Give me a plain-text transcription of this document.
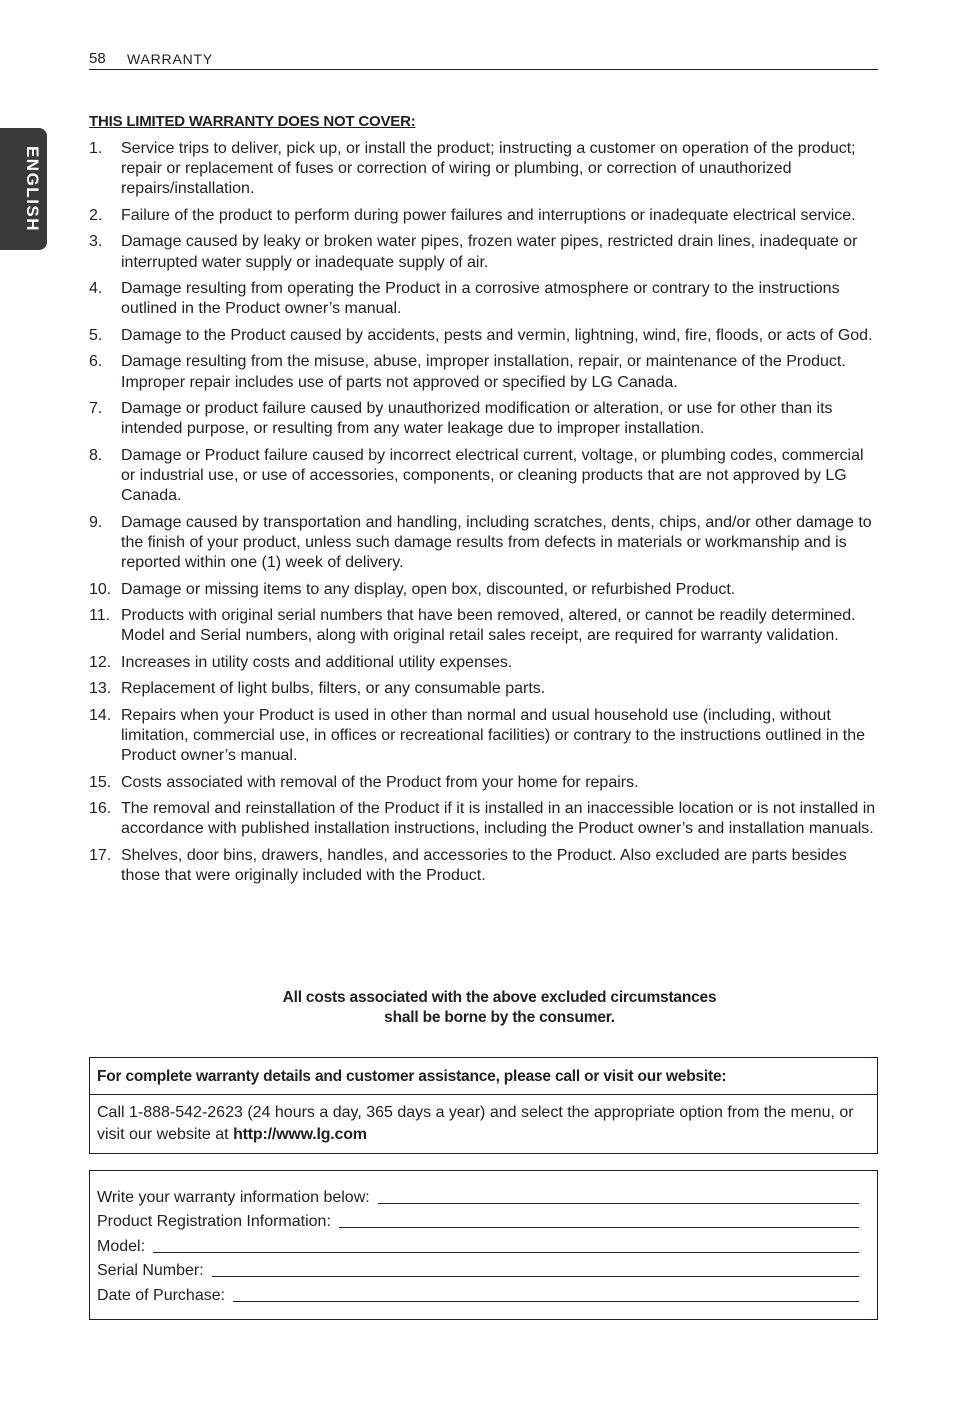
58 WARRANTY
ENGLISH
THIS LIMITED WARRANTY DOES NOT COVER:
1. Service trips to deliver, pick up, or install the product; instructing a customer on operation of the product; repair or replacement of fuses or correction of wiring or plumbing, or correction of unauthorized repairs/installation.
2. Failure of the product to perform during power failures and interruptions or inadequate electrical service.
3. Damage caused by leaky or broken water pipes, frozen water pipes, restricted drain lines, inadequate or interrupted water supply or inadequate supply of air.
4. Damage resulting from operating the Product in a corrosive atmosphere or contrary to the instructions outlined in the Product owner’s manual.
5. Damage to the Product caused by accidents, pests and vermin, lightning, wind, fire, floods, or acts of God.
6. Damage resulting from the misuse, abuse, improper installation, repair, or maintenance of the Product. Improper repair includes use of parts not approved or specified by LG Canada.
7. Damage or product failure caused by unauthorized modification or alteration, or use for other than its intended purpose, or resulting from any water leakage due to improper installation.
8. Damage or Product failure caused by incorrect electrical current, voltage, or plumbing codes, commercial or industrial use, or use of accessories, components, or cleaning products that are not approved by LG Canada.
9. Damage caused by transportation and handling, including scratches, dents, chips, and/or other damage to the finish of your product, unless such damage results from defects in materials or workmanship and is reported within one (1) week of delivery.
10. Damage or missing items to any display, open box, discounted, or refurbished Product.
11. Products with original serial numbers that have been removed, altered, or cannot be readily determined. Model and Serial numbers, along with original retail sales receipt, are required for warranty validation.
12. Increases in utility costs and additional utility expenses.
13. Replacement of light bulbs, filters, or any consumable parts.
14. Repairs when your Product is used in other than normal and usual household use (including, without limitation, commercial use, in offices or recreational facilities) or contrary to the instructions outlined in the Product owner’s manual.
15. Costs associated with removal of the Product from your home for repairs.
16. The removal and reinstallation of the Product if it is installed in an inaccessible location or is not installed in accordance with published installation instructions, including the Product owner’s and installation manuals.
17. Shelves, door bins, drawers, handles, and accessories to the Product. Also excluded are parts besides those that were originally included with the Product.
All costs associated with the above excluded circumstances
shall be borne by the consumer.
For complete warranty details and customer assistance, please call or visit our website:
Call 1-888-542-2623 (24 hours a day, 365 days a year) and select the appropriate option from the menu, or visit our website at http://www.lg.com
Write your warranty information below:
Product Registration Information:
Model:
Serial Number:
Date of Purchase:
